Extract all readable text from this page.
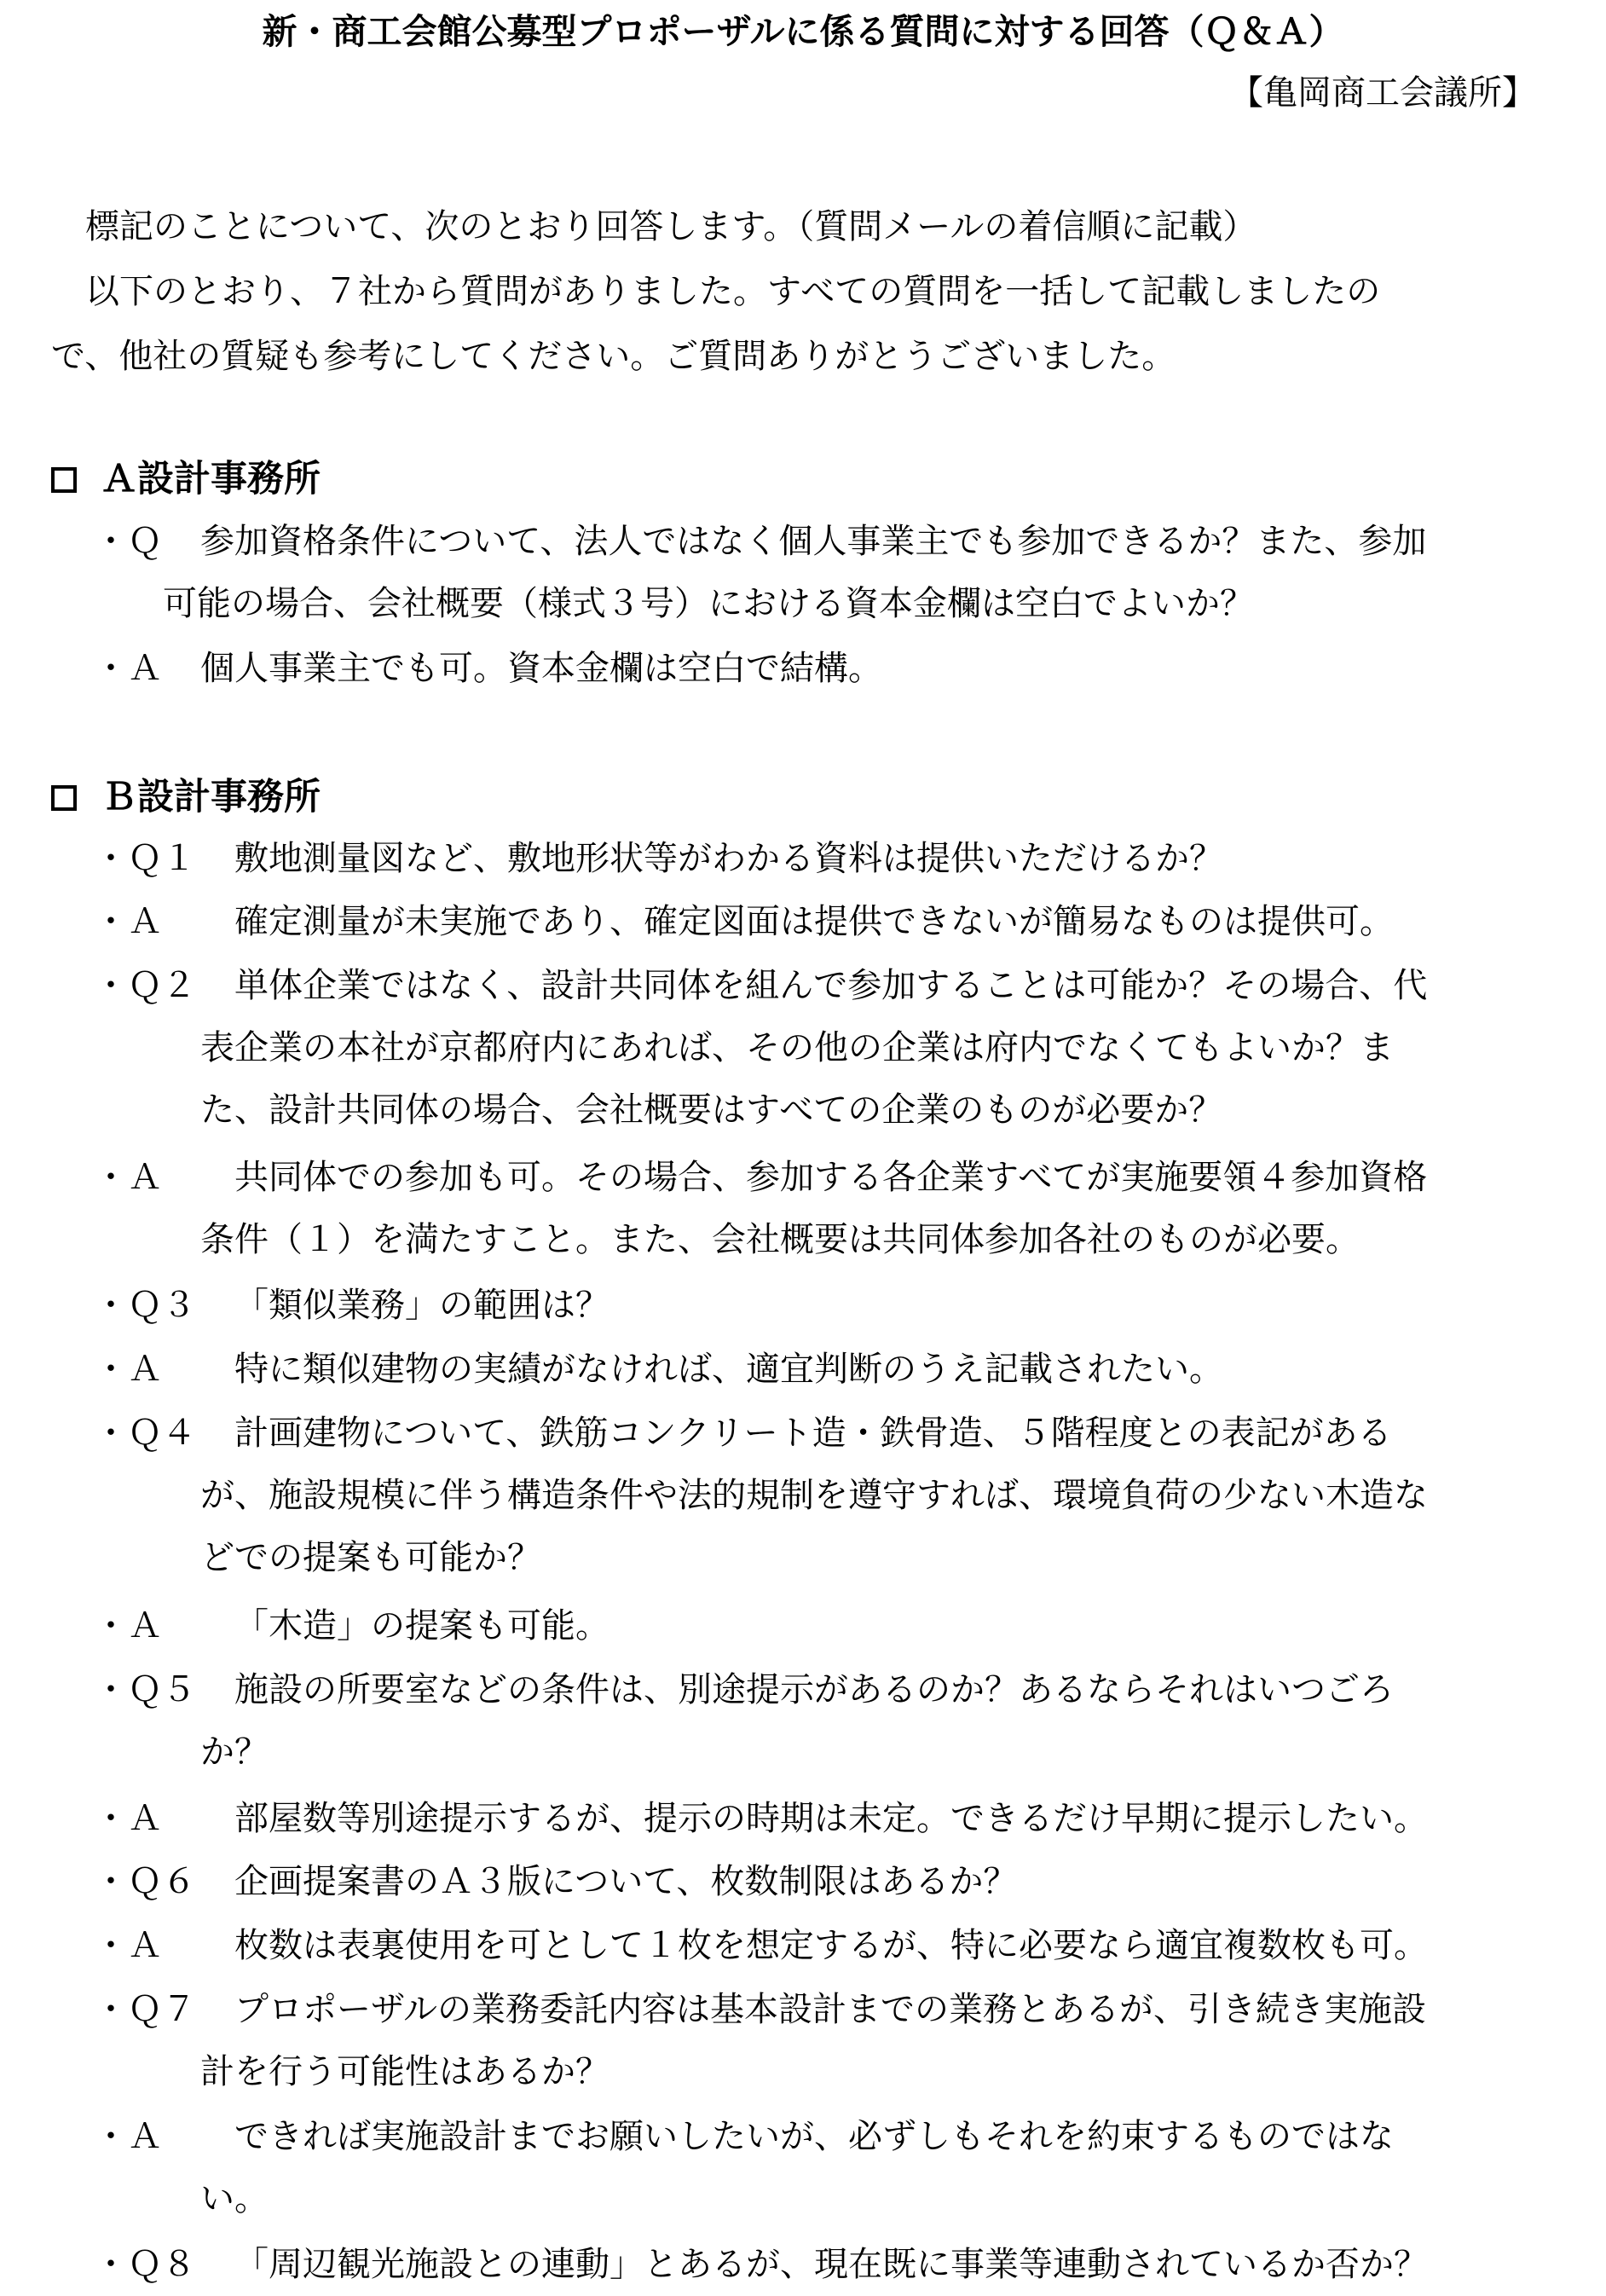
新・商工会館公募型プロポーザルに係る質問に対する回答（Ｑ＆Ａ）
【亀岡商工会議所】

標記のことについて、次のとおり回答します。（質問メールの着信順に記載）

以下のとおり、７社から質問がありました。すべての質問を一括して記載しましたの

で、他社の質疑も参考にしてください。ご質問ありがとうございました。

Ａ設計事務所
・Ｑ	参加資格条件について、法人ではなく個人事業主でも参加できるか？また、参加
可能の場合、会社概要（様式３号）における資本金欄は空白でよいか？
・Ａ	個人事業主でも可。資本金欄は空白で結構。
Ｂ設計事務所
・Ｑ１	敷地測量図など、敷地形状等がわかる資料は提供いただけるか？
・Ａ	確定測量が未実施であり、確定図面は提供できないが簡易なものは提供可。
・Ｑ２	単体企業ではなく、設計共同体を組んで参加することは可能か？その場合、代
表企業の本社が京都府内にあれば、その他の企業は府内でなくてもよいか？ま
た、設計共同体の場合、会社概要はすべての企業のものが必要か？
・Ａ	共同体での参加も可。その場合、参加する各企業すべてが実施要領４参加資格
条件（１）を満たすこと。また、会社概要は共同体参加各社のものが必要。
・Ｑ３	「類似業務」の範囲は？
・Ａ	特に類似建物の実績がなければ、適宜判断のうえ記載されたい。
・Ｑ４	計画建物について、鉄筋コンクリート造・鉄骨造、５階程度との表記がある
が、施設規模に伴う構造条件や法的規制を遵守すれば、環境負荷の少ない木造な
どでの提案も可能か？
・Ａ	「木造」の提案も可能。
・Ｑ５	施設の所要室などの条件は、別途提示があるのか？あるならそれはいつごろ
か？
・Ａ	部屋数等別途提示するが、提示の時期は未定。できるだけ早期に提示したい。
・Ｑ６	企画提案書のＡ３版について、枚数制限はあるか？
・Ａ	枚数は表裏使用を可として１枚を想定するが、特に必要なら適宜複数枚も可。
・Ｑ７	プロポーザルの業務委託内容は基本設計までの業務とあるが、引き続き実施設
計を行う可能性はあるか？
・Ａ	できれば実施設計までお願いしたいが、必ずしもそれを約束するものではな
い。
・Ｑ８	「周辺観光施設との連動」とあるが、現在既に事業等連動されているか否か？
